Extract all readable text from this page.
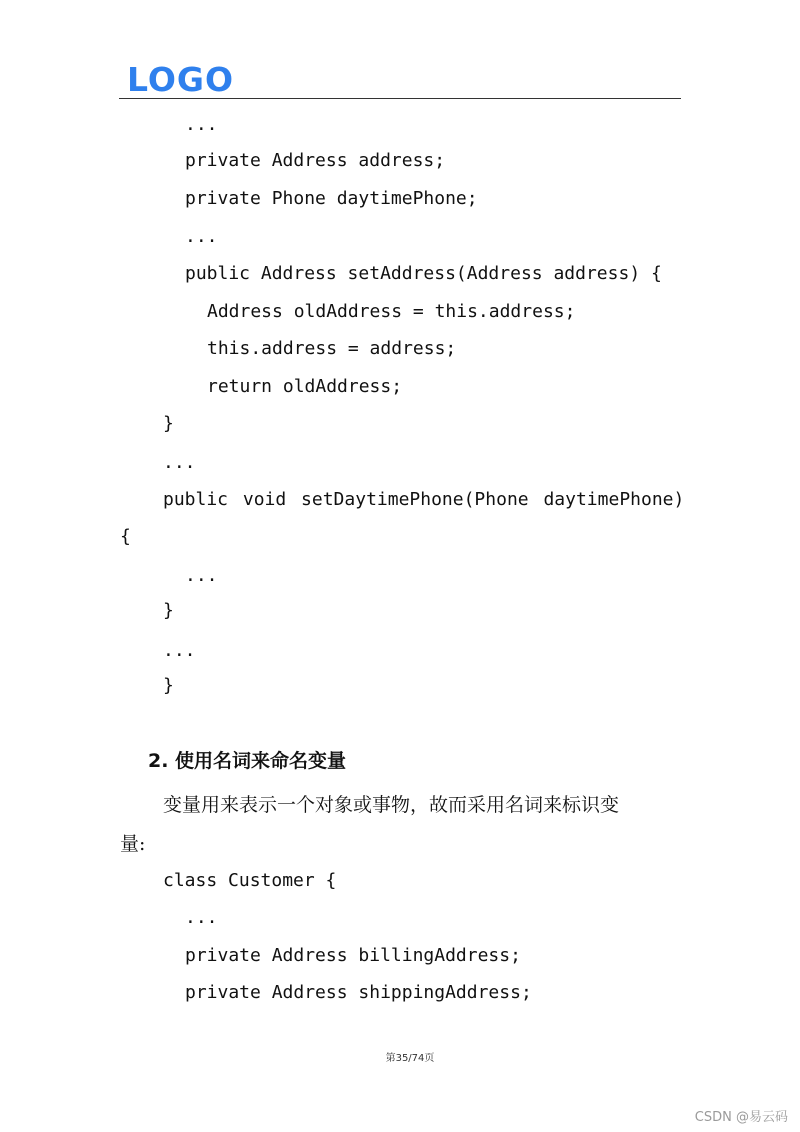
LOGO
...
private Address address;
private Phone daytimePhone;
...
public Address setAddress(Address address) {
Address oldAddress = this.address;
this.address = address;
return oldAddress;
}
...
public void setDaytimePhone(Phone daytimePhone)
{
...
}
...
}
2. 使用名词来命名变量
变量用来表示一个对象或事物，故而采用名词来标识变
量:
class Customer {
...
private Address billingAddress;
private Address shippingAddress;
第35/74页
CSDN @易云码
